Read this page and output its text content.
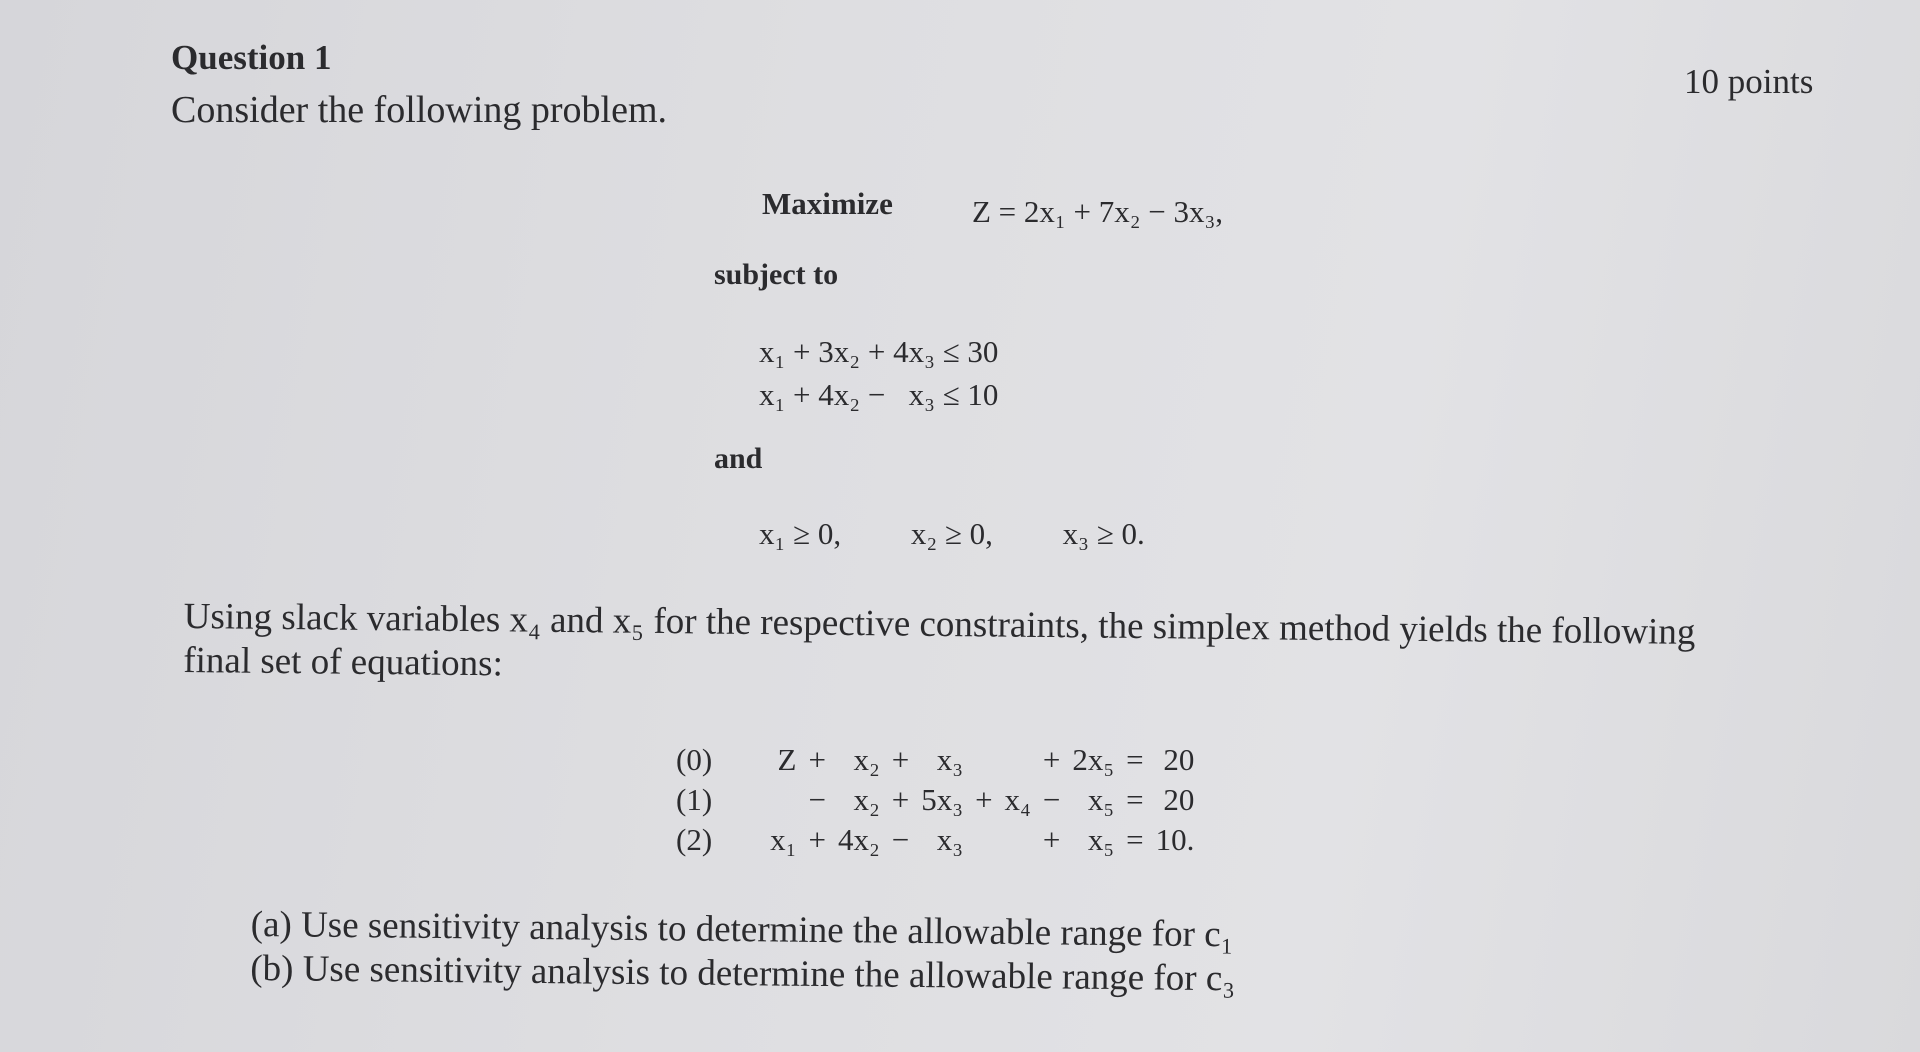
Question 1
Consider the following problem.
10 points
Maximize	Z = 2x₁ + 7x₂ − 3x₃,
subject to
x₁ + 3x₂ + 4x₃ ≤ 30
x₁ + 4x₂ −   x₃ ≤ 10
and
x₁ ≥ 0, x₂ ≥ 0, x₃ ≥ 0.
Using slack variables x₄ and x₅ for the respective constraints, the simplex method yields the following final set of equations:
(0)	Z	+	x₂	+	x₃			+	2x₅	=	20
(1)		−	x₂	+	5x₃	+	x₄	−	x₅	=	20
(2)	x₁	+	4x₂	−	x₃			+	x₅	=	10.
(a) Use sensitivity analysis to determine the allowable range for c₁
(b) Use sensitivity analysis to determine the allowable range for c₃
